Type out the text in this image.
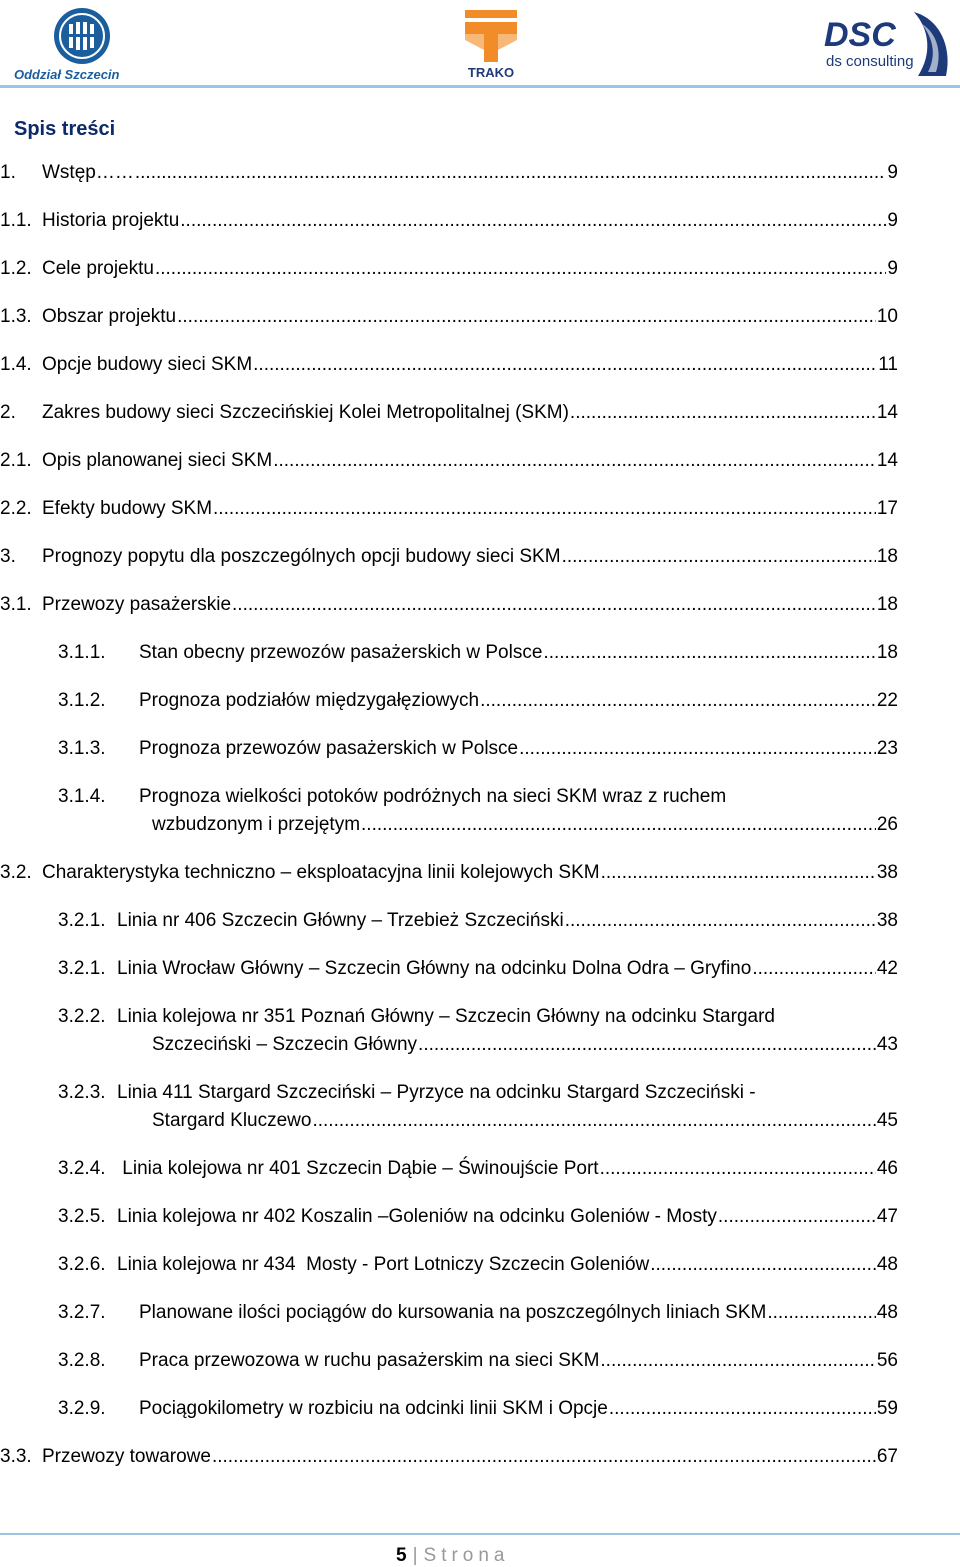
Oddział Szczecin	TRAKO
DSC
ds consulting
Spis treści
1.	Wstęp…… .....	9
1.1. Historia projektu .....	9
1.2. Cele projektu .....	9
1.3. Obszar projektu .....	10
1.4. Opcje budowy sieci SKM .....	11
2.	Zakres budowy sieci Szczecińskiej Kolei Metropolitalnej (SKM) .....	14
2.1. Opis planowanej sieci SKM .....	14
2.2. Efekty budowy SKM .....	17
3.	Prognozy popytu dla poszczególnych opcji budowy sieci SKM .....	18
3.1. Przewozy pasażerskie .....	18
3.1.1.	Stan obecny przewozów pasażerskich w Polsce .....	18
3.1.2.	Prognoza podziałów międzygałęziowych .....	22
3.1.3.	Prognoza przewozów pasażerskich w Polsce .....	23
3.1.4.	Prognoza wielkości potoków podróżnych na sieci SKM wraz z ruchem
wzbudzonym i przejętym .....	26
3.2. Charakterystyka techniczno – eksploatacyjna linii kolejowych SKM .....	38
3.2.1. Linia nr 406 Szczecin Główny – Trzebież Szczeciński .....	38
3.2.1. Linia Wrocław Główny – Szczecin Główny na odcinku Dolna Odra – Gryfino .....	42
3.2.2. Linia kolejowa nr 351 Poznań Główny – Szczecin Główny na odcinku Stargard
Szczeciński – Szczecin Główny .....	43
3.2.3. Linia 411 Stargard Szczeciński – Pyrzyce na odcinku Stargard Szczeciński -
Stargard Kluczewo .....	45
3.2.4. Linia kolejowa nr 401 Szczecin Dąbie – Świnoujście Port .....	46
3.2.5. Linia kolejowa nr 402 Koszalin –Goleniów na odcinku Goleniów - Mosty .....	47
3.2.6. Linia kolejowa nr 434  Mosty - Port Lotniczy Szczecin Goleniów .....	48
3.2.7.	Planowane ilości pociągów do kursowania na poszczególnych liniach SKM .....	48
3.2.8.	Praca przewozowa w ruchu pasażerskim na sieci SKM .....	56
3.2.9.	Pociągokilometry w rozbiciu na odcinki linii SKM i Opcje .....	59
3.3. Przewozy towarowe .....	67
5 | Strona
